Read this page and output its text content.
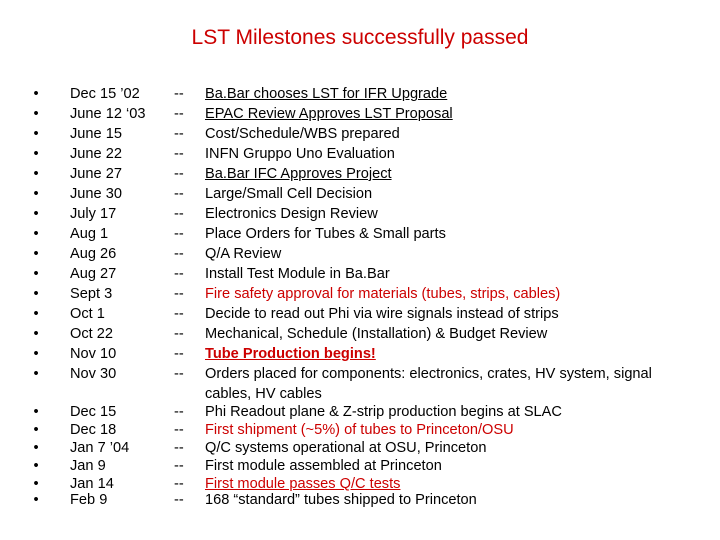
LST Milestones successfully passed
• Dec 15 ’02 -- Ba.Bar chooses LST for IFR Upgrade
• June 12 ‘03 -- EPAC Review Approves LST Proposal
• June 15	-- Cost/Schedule/WBS prepared
• June 22	-- INFN Gruppo Uno Evaluation
• June 27	-- Ba.Bar IFC Approves Project
• June 30	-- Large/Small Cell Decision
• July 17	-- Electronics Design Review
• Aug 1	-- Place Orders for Tubes & Small parts
• Aug 26	-- Q/A Review
• Aug 27	-- Install Test Module in Ba.Bar
• Sept 3	-- Fire safety approval for materials (tubes, strips, cables)
• Oct 1	-- Decide to read out Phi via wire signals instead of strips
• Oct 22	-- Mechanical, Schedule (Installation) & Budget Review
• Nov 10	-- Tube Production begins!
• Nov 30	-- Orders placed for components: electronics, crates, HV system, signal cables, HV cables
• Dec 15	-- Phi Readout plane & Z-strip production begins at SLAC
• Dec 18	-- First shipment (~5%) of tubes to Princeton/OSU
• Jan 7 ’04	-- Q/C systems operational at OSU, Princeton
• Jan 9	-- First module assembled at Princeton
• Jan 14	-- First module passes Q/C tests
• Feb 9	-- 168 “standard” tubes shipped to Princeton
